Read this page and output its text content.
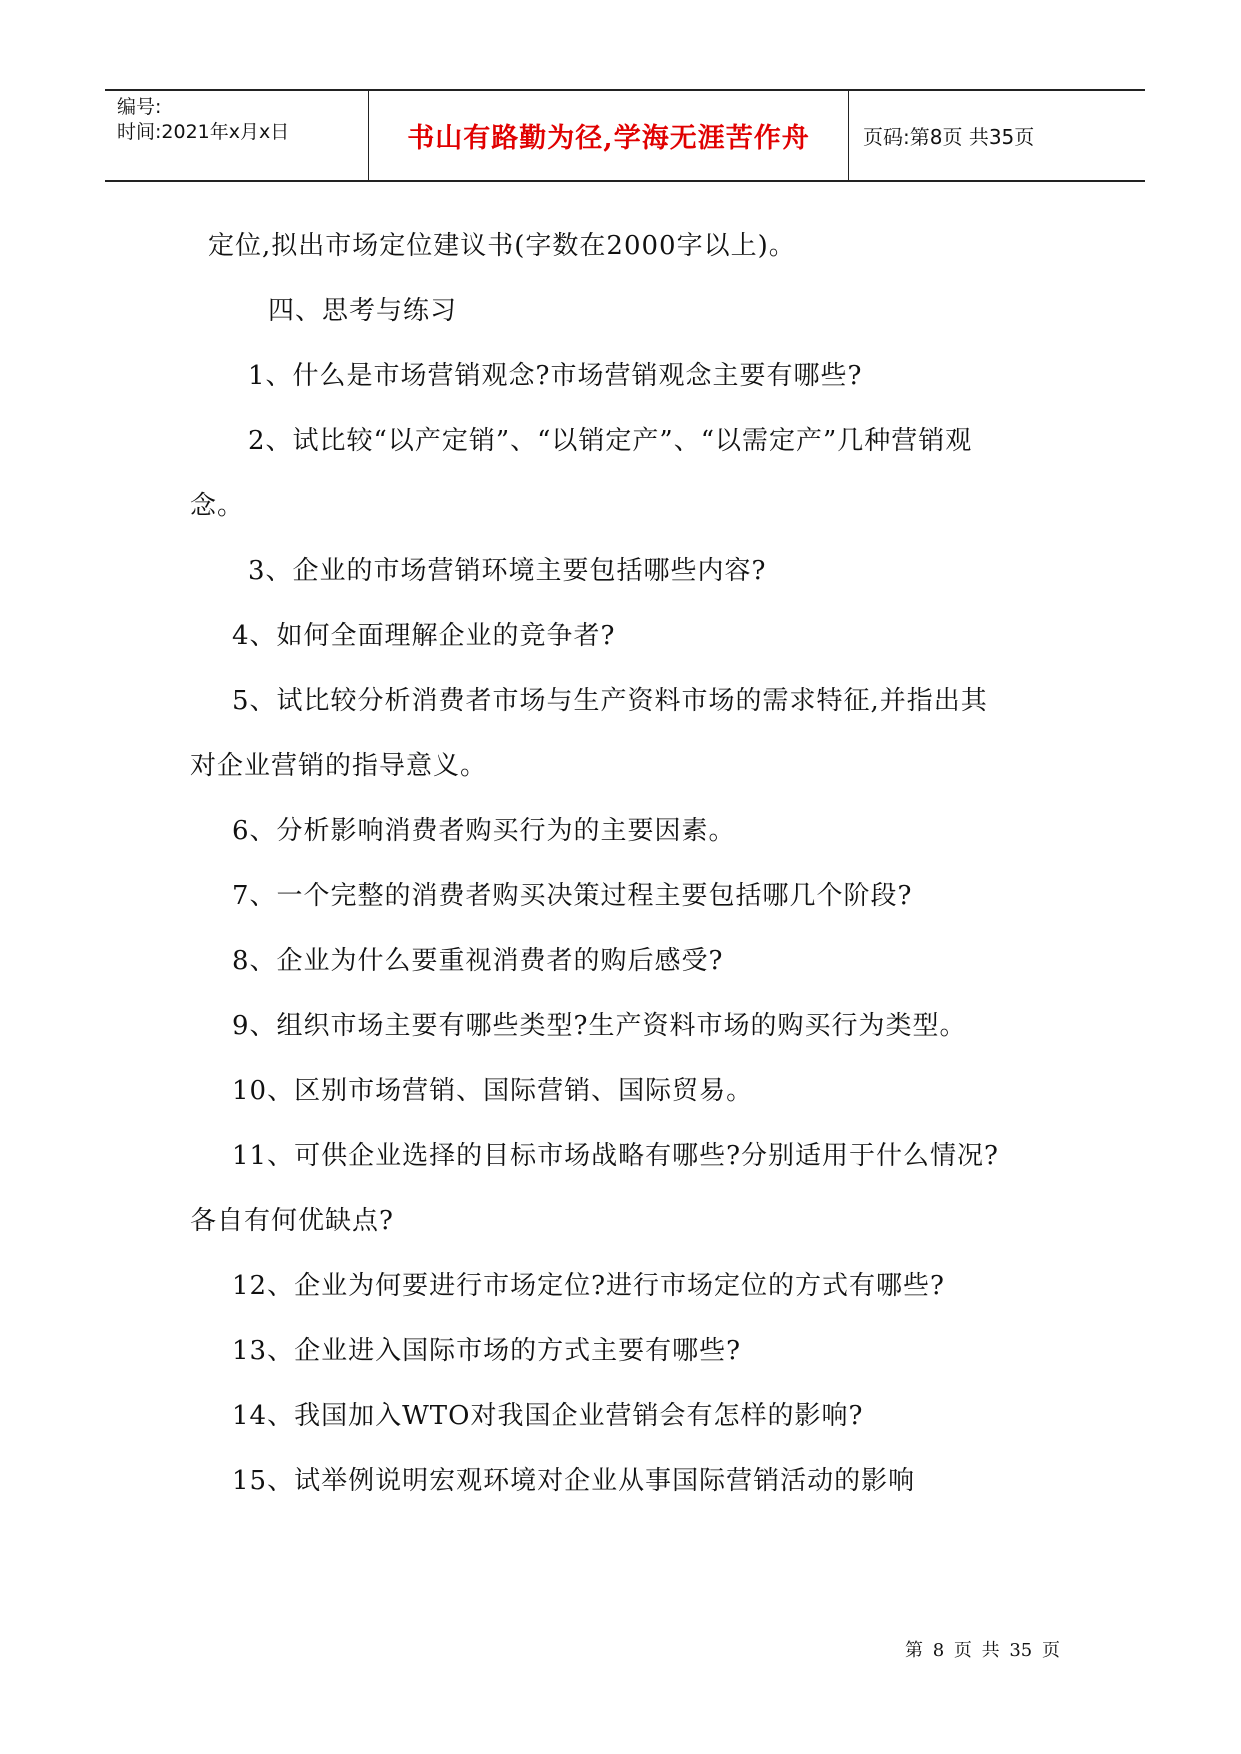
编号:
时间:2021年x月x日	书山有路勤为径,学海无涯苦作舟	页码:第8页 共35页

定位,拟出市场定位建议书(字数在2000字以上)。

四、思考与练习

1、什么是市场营销观念?市场营销观念主要有哪些?

2、试比较“以产定销”、“以销定产”、“以需定产”几种营销观

念。

3、企业的市场营销环境主要包括哪些内容?

4、如何全面理解企业的竞争者?

5、试比较分析消费者市场与生产资料市场的需求特征,并指出其

对企业营销的指导意义。

6、分析影响消费者购买行为的主要因素。

7、一个完整的消费者购买决策过程主要包括哪几个阶段?

8、企业为什么要重视消费者的购后感受?

9、组织市场主要有哪些类型?生产资料市场的购买行为类型。

10、区别市场营销、国际营销、国际贸易。

11、可供企业选择的目标市场战略有哪些?分别适用于什么情况?

各自有何优缺点?

12、企业为何要进行市场定位?进行市场定位的方式有哪些?

13、企业进入国际市场的方式主要有哪些?

14、我国加入WTO对我国企业营销会有怎样的影响?

15、试举例说明宏观环境对企业从事国际营销活动的影响

第 8 页 共 35 页
